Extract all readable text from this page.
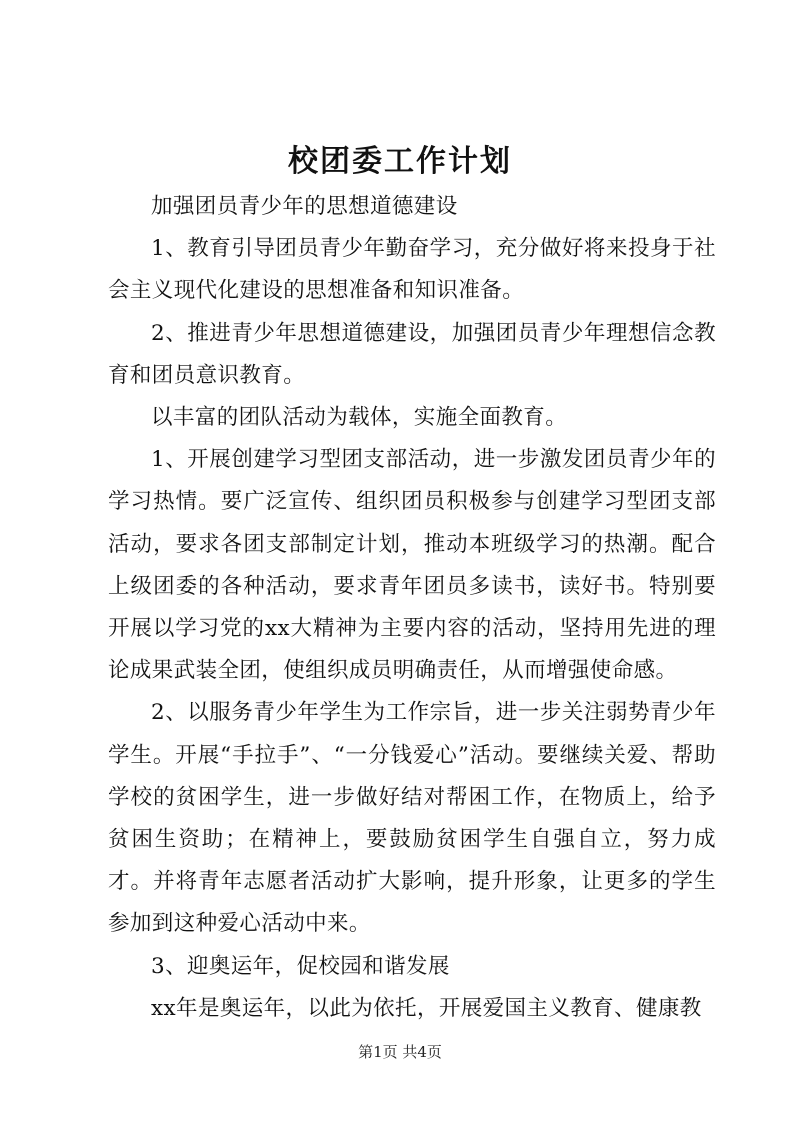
校团委工作计划

加强团员青少年的思想道德建设

1、教育引导团员青少年勤奋学习，充分做好将来投身于社会主义现代化建设的思想准备和知识准备。

2、推进青少年思想道德建设，加强团员青少年理想信念教育和团员意识教育。

以丰富的团队活动为载体，实施全面教育。

1、开展创建学习型团支部活动，进一步激发团员青少年的学习热情。要广泛宣传、组织团员积极参与创建学习型团支部活动，要求各团支部制定计划，推动本班级学习的热潮。配合上级团委的各种活动，要求青年团员多读书，读好书。特别要开展以学习党的xx大精神为主要内容的活动，坚持用先进的理论成果武装全团，使组织成员明确责任，从而增强使命感。

2、以服务青少年学生为工作宗旨，进一步关注弱势青少年学生。开展“手拉手”、“一分钱爱心”活动。要继续关爱、帮助学校的贫困学生，进一步做好结对帮困工作，在物质上，给予贫困生资助；在精神上，要鼓励贫困学生自强自立，努力成才。并将青年志愿者活动扩大影响，提升形象，让更多的学生参加到这种爱心活动中来。

3、迎奥运年，促校园和谐发展

xx年是奥运年，以此为依托，开展爱国主义教育、健康教

第1页 共4页
